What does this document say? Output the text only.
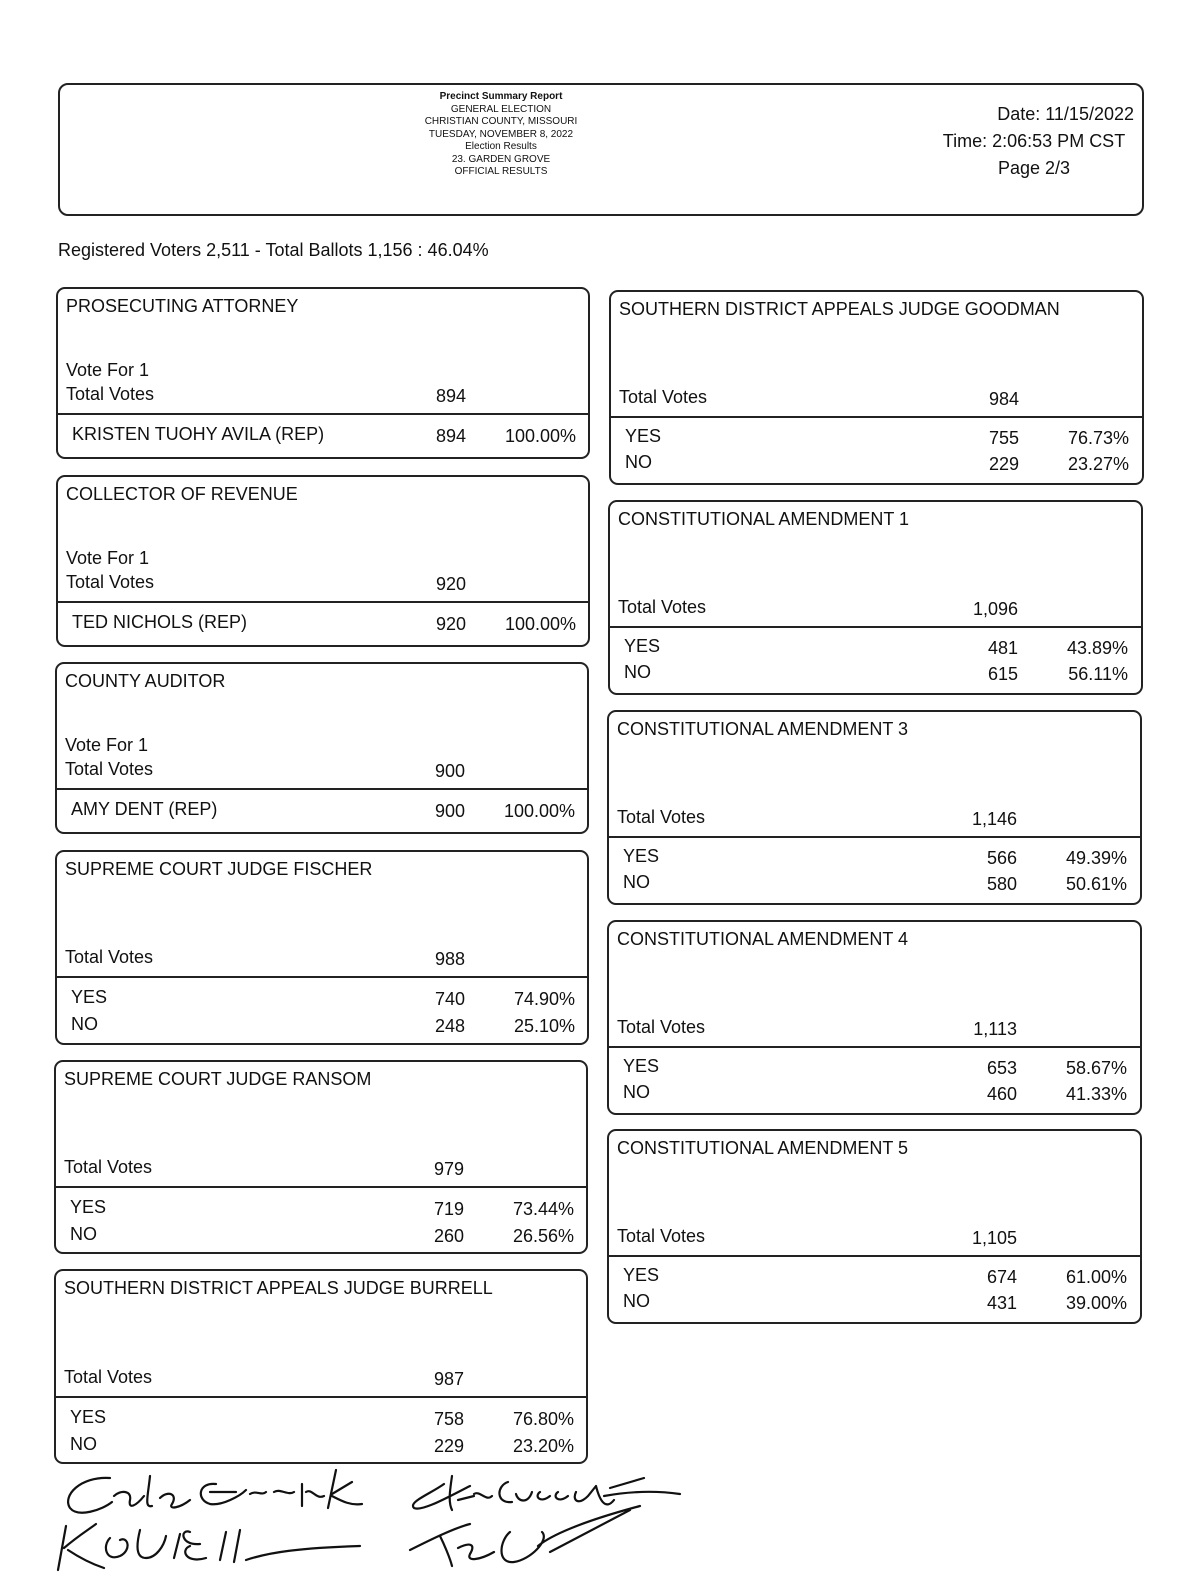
Precinct Summary Report
GENERAL ELECTION
CHRISTIAN COUNTY, MISSOURI
TUESDAY, NOVEMBER 8, 2022
Election Results
23. GARDEN GROVE
OFFICIAL RESULTS
Date: 11/15/2022
Time: 2:06:53 PM CST
Page 2/3
Registered Voters 2,511 - Total Ballots 1,156 : 46.04%
PROSECUTING ATTORNEY
Vote For 1
Total Votes	894
KRISTEN TUOHY AVILA (REP)	894	100.00%
COLLECTOR OF REVENUE
Vote For 1
Total Votes	920
TED NICHOLS (REP)	920	100.00%
COUNTY AUDITOR
Vote For 1
Total Votes	900
AMY DENT (REP)	900	100.00%
SUPREME COURT JUDGE FISCHER
Total Votes	988
YES	740	74.90%
NO	248	25.10%
SUPREME COURT JUDGE RANSOM
Total Votes	979
YES	719	73.44%
NO	260	26.56%
SOUTHERN DISTRICT APPEALS JUDGE BURRELL
Total Votes	987
YES	758	76.80%
NO	229	23.20%
SOUTHERN DISTRICT APPEALS JUDGE GOODMAN
Total Votes	984
YES	755	76.73%
NO	229	23.27%
CONSTITUTIONAL AMENDMENT 1
Total Votes	1,096
YES	481	43.89%
NO	615	56.11%
CONSTITUTIONAL AMENDMENT 3
Total Votes	1,146
YES	566	49.39%
NO	580	50.61%
CONSTITUTIONAL AMENDMENT 4
Total Votes	1,113
YES	653	58.67%
NO	460	41.33%
CONSTITUTIONAL AMENDMENT 5
Total Votes	1,105
YES	674	61.00%
NO	431	39.00%
